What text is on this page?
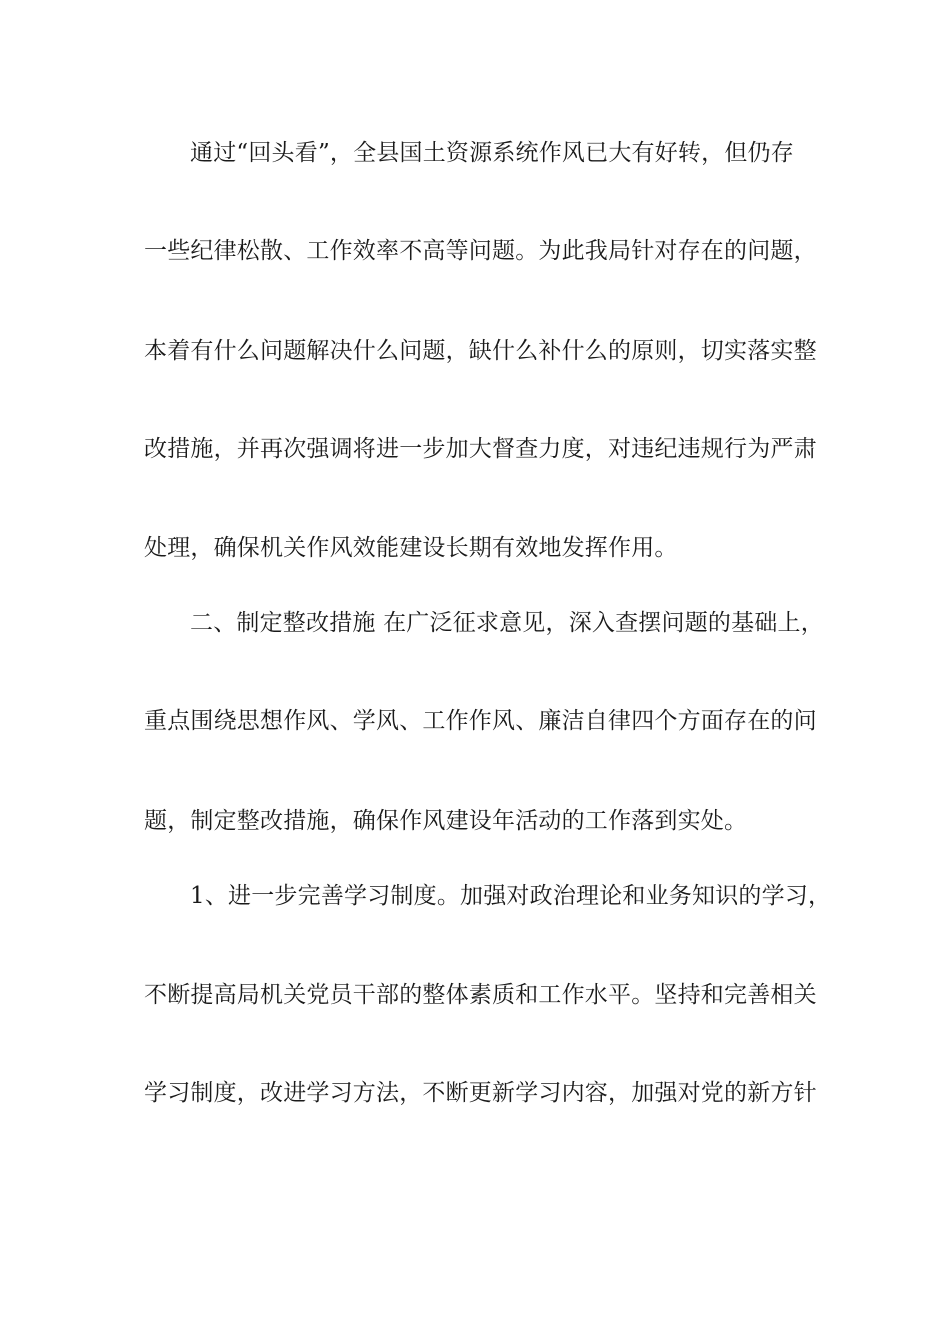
通过“回头看”，全县国土资源系统作风已大有好转，但仍存
一些纪律松散、工作效率不高等问题。为此我局针对存在的问题，
本着有什么问题解决什么问题，缺什么补什么的原则，切实落实整
改措施，并再次强调将进一步加大督查力度，对违纪违规行为严肃
处理，确保机关作风效能建设长期有效地发挥作用。
二、制定整改措施 在广泛征求意见，深入查摆问题的基础上，
重点围绕思想作风、学风、工作作风、廉洁自律四个方面存在的问
题，制定整改措施，确保作风建设年活动的工作落到实处。
1、进一步完善学习制度。加强对政治理论和业务知识的学习，
不断提高局机关党员干部的整体素质和工作水平。坚持和完善相关
学习制度，改进学习方法，不断更新学习内容，加强对党的新方针
